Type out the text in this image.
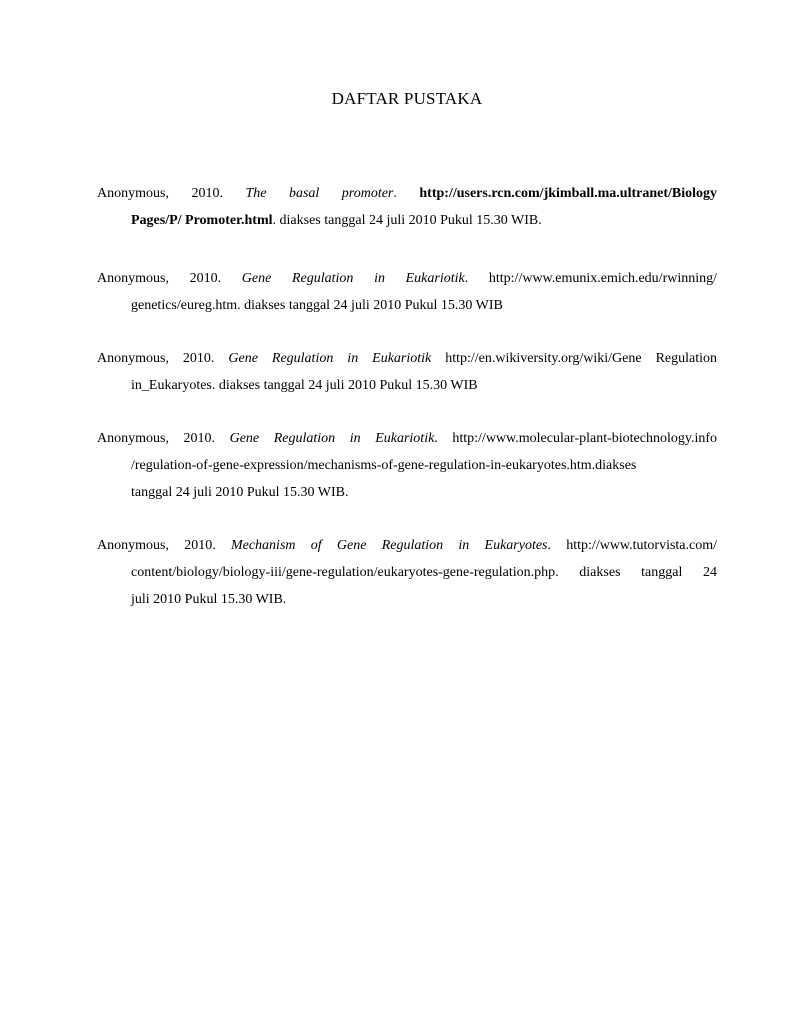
DAFTAR PUSTAKA
Anonymous, 2010. The basal promoter. http://users.rcn.com/jkimball.ma.ultranet/Biology
Pages/P/ Promoter.html. diakses tanggal 24 juli 2010 Pukul 15.30 WIB.
Anonymous, 2010. Gene Regulation in Eukariotik. http://www.emunix.emich.edu/rwinning/
genetics/eureg.htm. diakses tanggal 24 juli 2010 Pukul 15.30 WIB
Anonymous, 2010. Gene Regulation in Eukariotik http://en.wikiversity.org/wiki/Gene Regulation
in_Eukaryotes. diakses tanggal 24 juli 2010 Pukul 15.30 WIB
Anonymous, 2010. Gene Regulation in Eukariotik. http://www.molecular-plant-biotechnology.info
/regulation-of-gene-expression/mechanisms-of-gene-regulation-in-eukaryotes.htm.diakses
tanggal 24 juli 2010 Pukul 15.30 WIB.
Anonymous, 2010. Mechanism of Gene Regulation in Eukaryotes. http://www.tutorvista.com/
content/biology/biology-iii/gene-regulation/eukaryotes-gene-regulation.php. diakses tanggal 24
juli 2010 Pukul 15.30 WIB.
